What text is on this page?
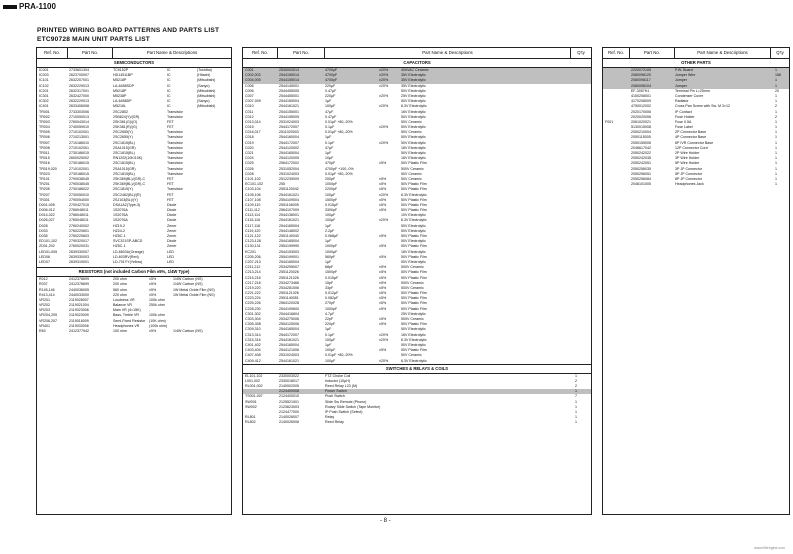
PRA-1100
PRINTED WIRING BOARD PATTERNS AND PARTS LIST
ETC90728 MAIN UNIT PARTS LIST
Ref. No.	Part No.	Part Name & Descriptions
SEMICONDUCTORS
IC001	2733601304	TC9152P	IC	(Toshiba)
IC003	2623700007	HD14511BP	IC	(Hitachi)
IC101	2632207001	M5218P	IC	(Mitsubishi)
IC102	2632229013	LA-6458SDP	IC	(Sanyo)
IC201	2632317001	M5218P	IC	(Mitsubishi)
IC301	2632427000	M5238P	IC	(Mitsubishi)
IC302	2632229013	LA-6458DP	IC	(Sanyo)
IC401	2633406008	M5216L	IC	(Mitsubishi)
TR001	2733303006	2SC2852	Transistor
TR002	2710050013	2SB624(Y)/(GR)	Transistor
TR003	2760043014	2SK381(G)/(O)	FET
TR004	2740059010	2SK381(R)/(G)	FET
TR005	2710102001	2SC2655(Y)	Transistor
TR006	2710213001	2SC2655(Y)	Transistor
TR007	2710186010	2SC1815(BL)	Transistor
TR008	2710102001	2SA1015(GR)	Transistor
TR011	2730186015	2SC1815(BL)	Transistor
TR015	2600025002	RN1202(10K/10K)	Transistor
TR016	2730186015	2SC1815(BL)	Transistor
TR019,020	2710102001	2SA1015(GR)	Transistor
TR023	2730186015	2SC1815(BL)	Transistor
TR101	2790038045	2SK369(BL)/(GR)-C	FET
TR201	2790038045	2SK369(BL)/(GR)-C	FET
TR205	2730186022	2SC1815(Y)	Transistor
TR207	2730050010	2SC2462(BL)/(R)	FET
TR301	2790054000	2SJ103(BL)/(Y)	FET
D001-005	2700427015	DSA1A2(Type-3)	Diode
D006-012	2766048011	1S2076A	Diode
D014-022	2766048011	1S2076A	Diode
D026,027	2765048011	1S2076A	Diode
D028	2760240002	HZ19-2	Zener
D033	2760220601	HZ24-2	Zener
D035	2760220603	HZ5C-1	Zener
ED101,102	2790320017	SVC321SP-ABCD	Diode
ZD01,202	2760020031	HZ5C-1	Zener
LED01-005	2639330007	LD-6603U(Orange)	LED
LED06	2639330003	LD-603RV(Red)	LED
LED07	2639319001	LD-701YY(Yellow)	LED
RESISTORS (not included Carbon Film ±5%, 1/4W Type)
R012	2412378699	200 ohm	±5%	1/4W Carbon (NS)
R037	2412378699	200 ohm	±5%	1/4W Carbon (NS)
R145,146	2440036005	560 ohm	±5%	1W Metal Oxide Film (NS)
R413,414	2440033000	220 ohm	±5%	1W Metal Oxide Film (NS)
VR201	2119026007	Loudness VR	100k ohm
VR202	2119021004	Balance VR	250k ohm
VR203	2119023006	Main VR (4×15K)	,
VR204,205	2119023009	Bass, Treble VR	100k ohm
VR206,207	2119016009	Semi-Fixed Resistor	(10K ohm)
VR401	2119033006	Headphones VR	(100k ohm)
R63	2412377942	100 ohm	±5%	1/4W Carbon (NS)
Ref. No.	Part No.	Part Name & Descriptions	Q'ty
CAPACITORS
C001	2530003013	4700pF	±20%	400VAC Ceramic
C002,003	2544155014	4700pF	±20%	35V Electrolytic
C004,005	2544155014	4700pF	±20%	35V Electrolytic
C006	2544145001	220µF	±20%	35V Electrolytic
C006	2544455005	0.47µF	50V Electrolytic
C007	2544455001	220µF	±20%	25V Electrolytic
C007-009	2544165004	1µF	50V Electrolytic
C010	2544161021	100µF	±20%	6.3V Electrolytic
C011	2544155001	47µF	16V Electrolytic
C012	2544155005	0.47µF	50V Electrolytic
C013,014	2531024003	0.01µF +80,-20%	50V Ceramic
C015	2544172007	0.1µF	±20%	50V Electrolytic
C016,017	2511020003	0.01µF +80,-20%	50V Ceramic
C018	2544160004	1µF	50V Electrolytic
C019	2544172007	0.1µF	±20%	50V Electrolytic
C020	2544120002	47µF	16V Electrolytic
C021	2544165004	1µF	50V Electrolytic
C024	2544120005	10µF	16V Electrolytic
C025	2564172002	470pF	±5%	50V Plastic Film
C026	2531052004	4700pF +100,-0%	500V Ceramic
C028	2531024003	0.01µF +80,-20%	50V Ceramic
C101,102	2512239009	200pF	±5%	50V Ceramic
EC101,102	255	1000pF	±5%	50V Plastic Film
C103,104	2551120042	2200pF	±5%	50V Plastic Film
C105,106	2544161021	100µF	±20%	6.3V Electrolytic
C107,108	2554109004	1500pF	±5%	50V Plastic Film
C109,110	2551106005	0.015µF	±5%	50V Plastic Film
C111,112	2564107009	3300pF	±5%	50V Plastic Film
C113,114	2544136001	100µF	10V Electrolytic
C115,116	2544161021	100µF	±20%	6.3V Electrolytic
C117,118	2544165004	1µF	50V Electrolytic
C119,120	2544148002	2.2µF	50V Electrolytic
C121,122	2551140040	0.068µF	±5%	50V Plastic Film
C123-128	2544165004	1µF	50V Electrolytic
C130,131	2554199990	1000pF	±5%	50V Plastic Film
EC201	2544153003	1000µF	16V Electrolytic
C205,206	2554199001	560pF	±5%	50V Plastic Film
C207-210	2544165004	1µF	50V Electrolytic
C211,212	2534295007	68pF	±5%	500V Ceramic
C213,214	2551120026	1500pF	±5%	50V Plastic Film
C215,216	2551121026	0.015µF	±5%	50V Plastic Film
C217,218	2534273466	15pF	±5%	500V Ceramic
C219,220	2534281006	33pF	±5%	500V Ceramic
C221,222	2551121026	0.012µF	±5%	50V Plastic Film
C223,224	2551140051	0.082µF	±5%	50V Plastic Film
C225,226	2564120028	270pF	±5%	50V Plastic Film
C228,230	2544199600	1000pF	±5%	50V Plastic Film
C301,302	2544416604	4.7µF	25V Electrolytic
C303,304	2534275006	22pF	±5%	500V Ceramic
C305-308	2554125006	220pF	±5%	50V Plastic Film
C309,310	2544165004	1µF	50V Electrolytic
C313,314	2544172007	0.1µF	±20%	16V Electrolytic
C315,316	2544161021	100µF	±20%	6.3V Electrolytic
C401,402	2544165004	1µF	50V Electrolytic
C403,404	2544121006	100µF	±5%	50V Plastic Film
C407,408	2531024003	0.01µF +80,-20%	50V Ceramic
C409-412	2544161021	100µF	±20%	6.3V Electrolytic
SWITCHES & RELAYS & COILS
EL101,102	2330003022	FTZ Choke Coil	1
L001,002	2330018017	Inductor (10µH)	2
RL001,002	2140002005	Reed Relay L23 (M)	2
2124400008	Power Switch	1
TS001-007	2124400010	Push Switch	7
SW001	2125521001	Slide Sw Remote (Phono)	1
SW002	2123623003	Rotary Slide Switch (Tape Monitor)	1
2124477000	IP Push Switch (Select)	1
RL801	2140026007	Relay	1
RL802	2140026006	Reed Relay	1
Ref. No.	Part No.	Part Name & Descriptions	Q'ty
OTHER PARTS
2220072105	P.W. Board	1
2080098120	Jumper Wire	156
2080098117	Jumper	1
2080098104	Jumper	1
EF-3057H1	Terminal Pin L=25mm	20
4150208001	Condenser Cover	1
4170208009	Radiator	1
4750012002	Cross Pan Screw with Sw. M 3×12	2
2020170006	IP Contact	1
2020020006	Fuse Holder	2
F001	2061020021	Fuse 0.5A	1
5130015008	Fuse Label	1
2050210004	2P Connector Base	1
2050115005	4P Connector Base	1
2050155006	6P IVR Connector Base	1
2046617042	12P Connector Cord	1
2050242022	2P Wire Holder	1
2050242035	3P Wire Holder	1
2050242051	5P Wire Holder	1
2050256035	3P JP Connector	1
2050256051	5P JP Connector	1
2050256084	8P JP Connector	1
2046101005	Headphones Jack	1
- 8 -
www.hifiengine.com
